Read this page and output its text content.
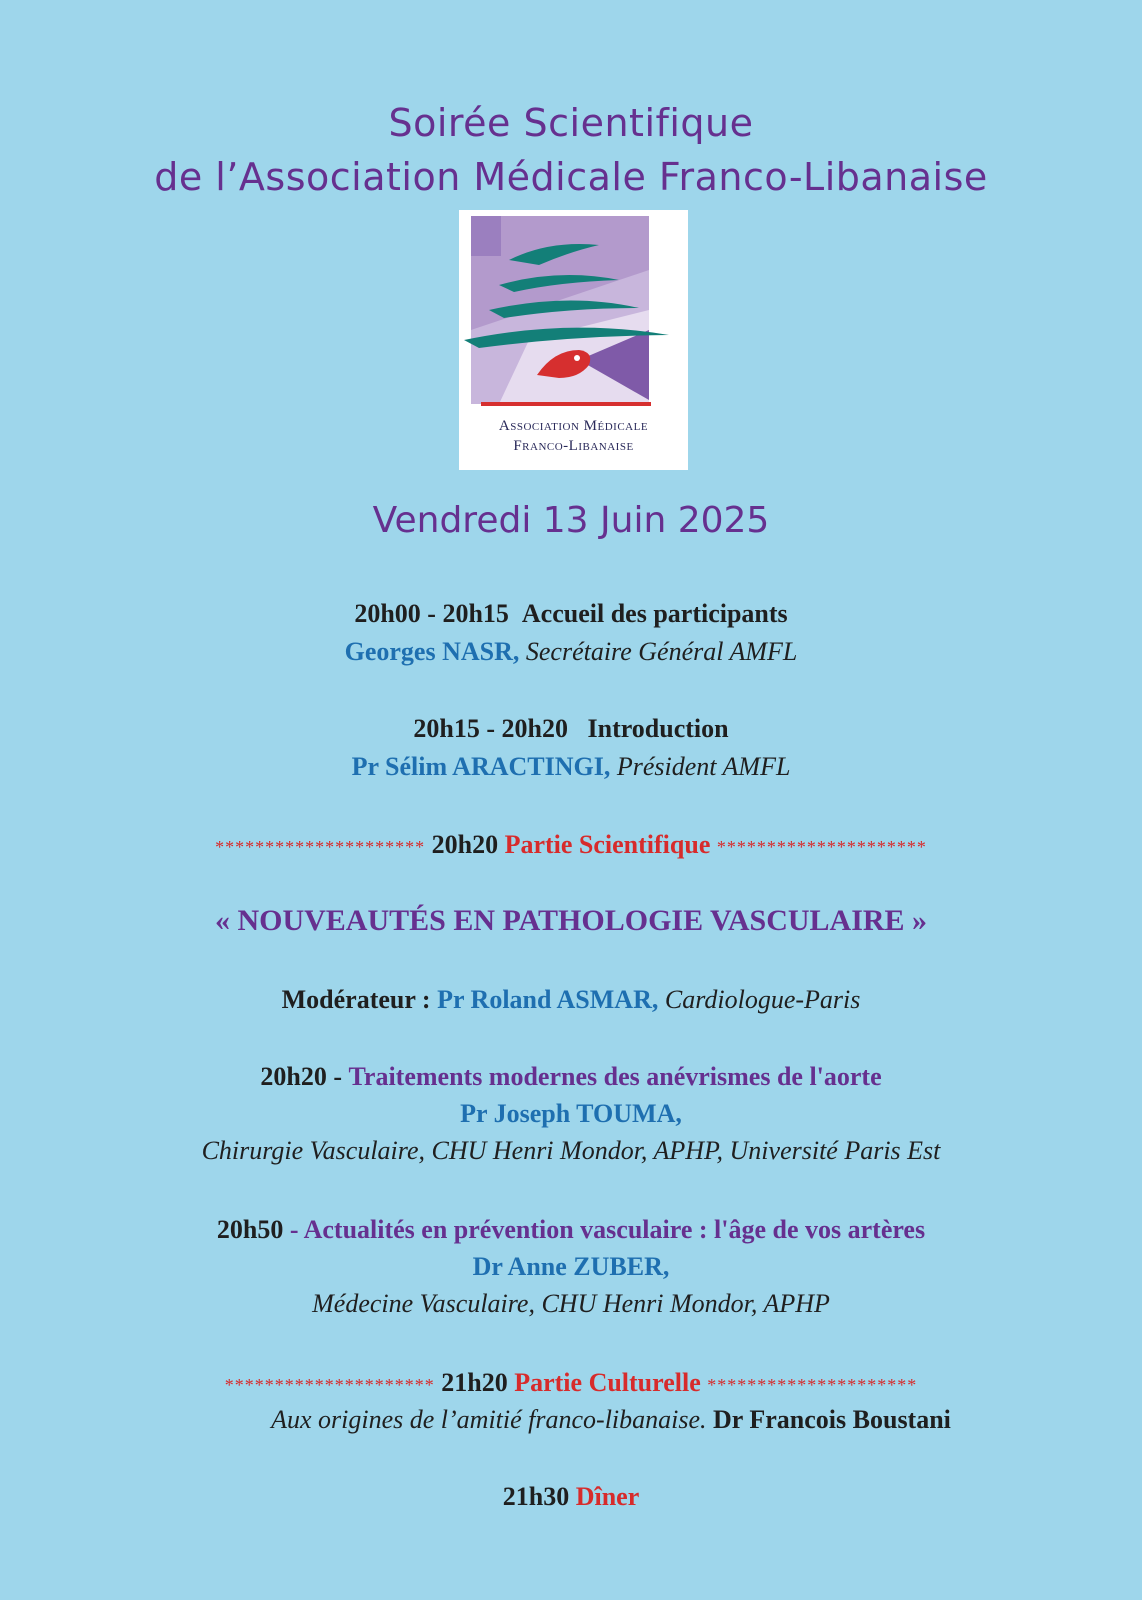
Soirée Scientifique
de l’Association Médicale Franco-Libanaise
Association Médicale
Franco-Libanaise
Vendredi 13 Juin 2025
20h00 - 20h15 Accueil des participants
Georges NASR, Secrétaire Général AMFL
20h15 - 20h20 Introduction
Pr Sélim ARACTINGI, Président AMFL
********************* 20h20 Partie Scientifique *********************
« NOUVEAUTÉS EN PATHOLOGIE VASCULAIRE »
Modérateur : Pr Roland ASMAR, Cardiologue-Paris
20h20 - Traitements modernes des anévrismes de l'aorte
Pr Joseph TOUMA,
Chirurgie Vasculaire, CHU Henri Mondor, APHP, Université Paris Est
20h50 - Actualités en prévention vasculaire : l'âge de vos artères
Dr Anne ZUBER,
Médecine Vasculaire, CHU Henri Mondor, APHP
********************* 21h20 Partie Culturelle *********************
Aux origines de l’amitié franco-libanaise. Dr Francois Boustani
21h30 Dîner
